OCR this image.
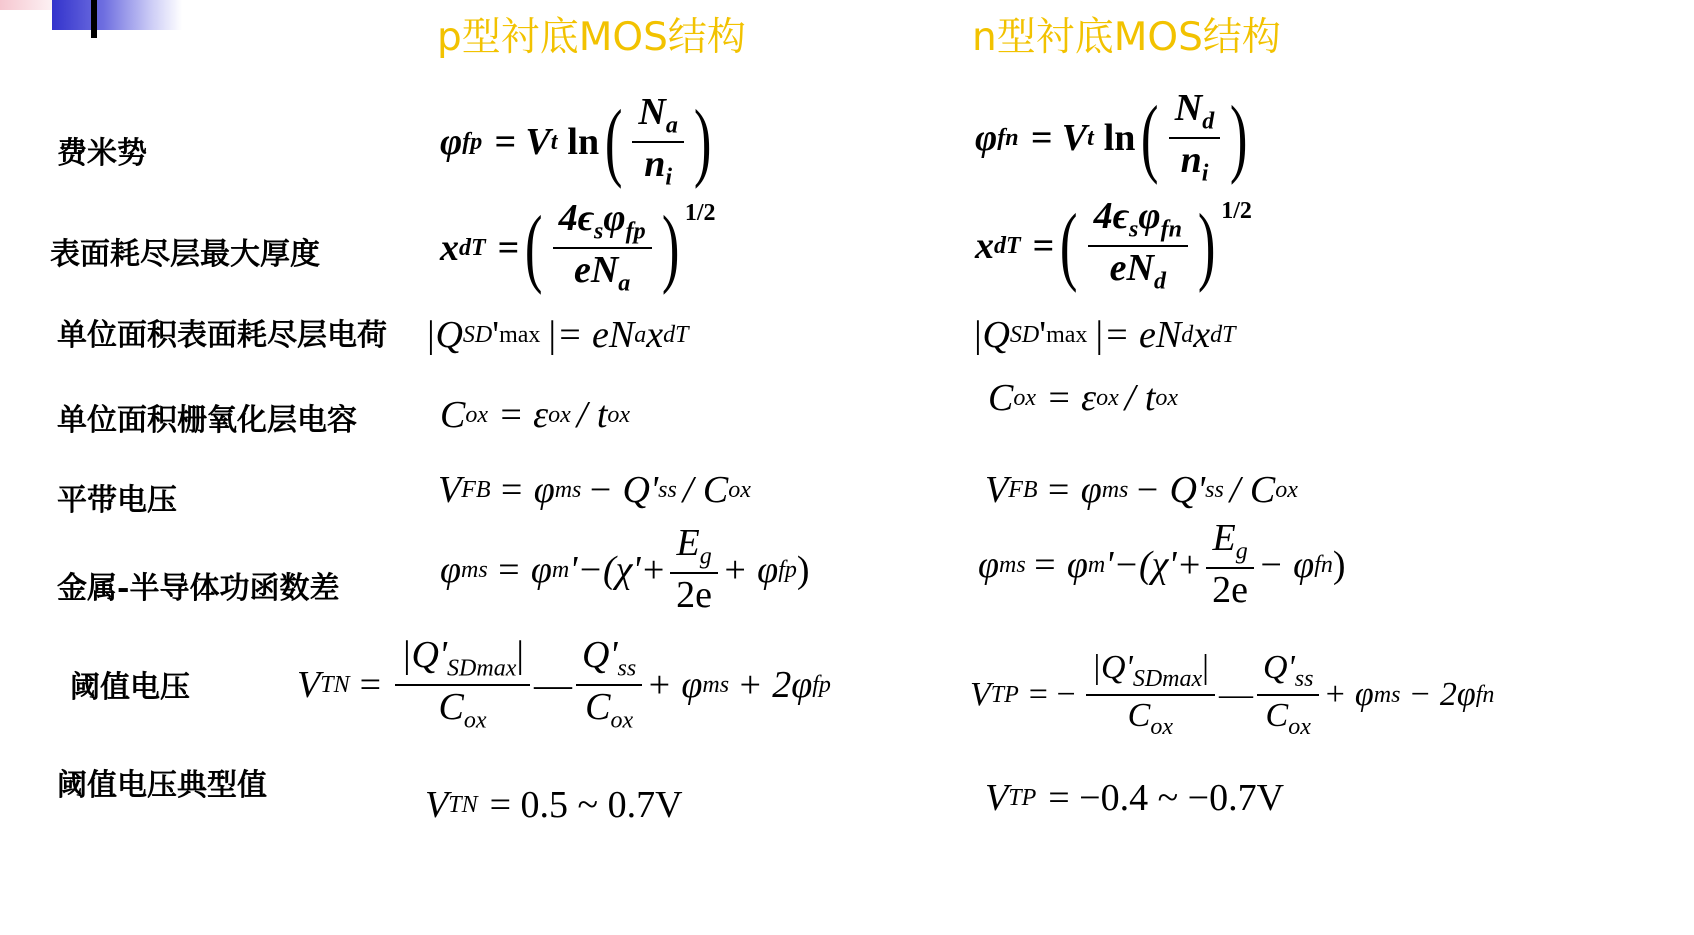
p型衬底MOS结构	n型衬底MOS结构
费米势
表面耗尽层最大厚度
单位面积表面耗尽层电荷
单位面积栅氧化层电容
平带电压
金属-半导体功函数差
阈值电压
阈值电压典型值
φ fp = V t ln ( $\frac{N_a}{n_i}$ )
x dT = ( $\frac{4\epsilon_s\varphi_{fp}}{eN_a}$ ) 1/2
|Q SD ' max |= eN a x dT
C ox = ε ox / t ox
V FB = φ ms − Q' ss / C ox
φ ms = φ m '$-(\chi'+ \frac{E_g}{2e} + \varphi$ fp )
V TN = $\frac{|Q'_{SDmax}|}{C_{ox}}$ — $\frac{Q'_{ss}}{C_{ox}} + \varphi$ ms + 2φ fp
V TN = 0.5 ~ 0.7V
φ fn = V t ln ( $\frac{N_d}{n_i}$ )
x dT = ( $\frac{4\epsilon_s\varphi_{fn}}{eN_d}$ ) 1/2
|Q SD ' max |= eN d x dT
C ox = ε ox / t ox
V FB = φ ms − Q' ss / C ox
φ ms = φ m '$-(\chi'+ \frac{E_g}{2e} - \varphi$ fn )
V TP = − $\frac{|Q'_{SDmax}|}{C_{ox}}$ — $\frac{Q'_{ss}}{C_{ox}} + \varphi$ ms − 2φ fn
V TP = −0.4 ~ −0.7V
